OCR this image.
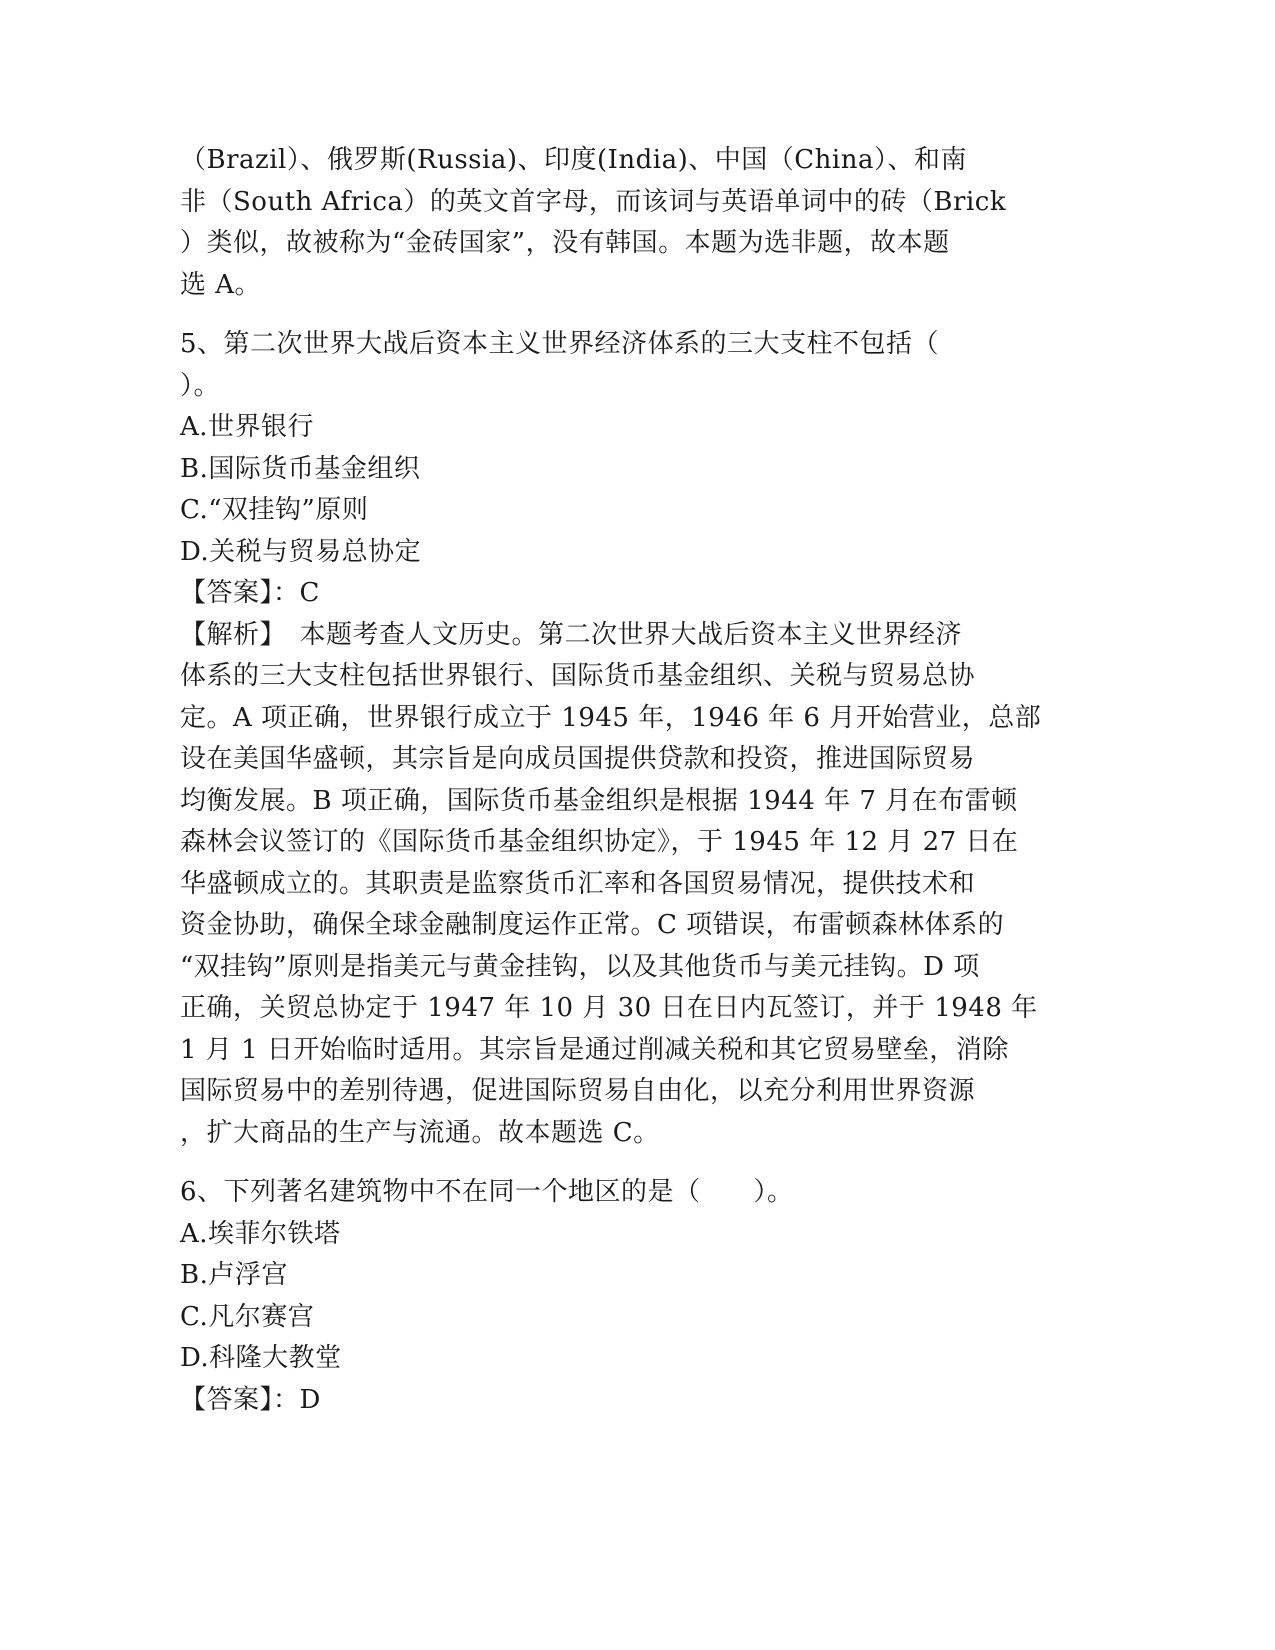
（Brazil）、俄罗斯(Russia)、印度(India)、中国（China）、和南
非（South Africa）的英文首字母，而该词与英语单词中的砖（Brick
）类似，故被称为“金砖国家”，没有韩国。本题为选非题，故本题
选 A。
5、第二次世界大战后资本主义世界经济体系的三大支柱不包括（
）。
A.世界银行
B.国际货币基金组织
C.“双挂钩”原则
D.关税与贸易总协定
【答案】：C
【解析】　本题考查人文历史。第二次世界大战后资本主义世界经济
体系的三大支柱包括世界银行、国际货币基金组织、关税与贸易总协
定。A 项正确，世界银行成立于 1945 年，1946 年 6 月开始营业，总部
设在美国华盛顿，其宗旨是向成员国提供贷款和投资，推进国际贸易
均衡发展。B 项正确，国际货币基金组织是根据 1944 年 7 月在布雷顿
森林会议签订的《国际货币基金组织协定》，于 1945 年 12 月 27 日在
华盛顿成立的。其职责是监察货币汇率和各国贸易情况，提供技术和
资金协助，确保全球金融制度运作正常。C 项错误，布雷顿森林体系的
“双挂钩”原则是指美元与黄金挂钩，以及其他货币与美元挂钩。D 项
正确，关贸总协定于 1947 年 10 月 30 日在日内瓦签订，并于 1948 年
1 月 1 日开始临时适用。其宗旨是通过削减关税和其它贸易壁垒，消除
国际贸易中的差别待遇，促进国际贸易自由化，以充分利用世界资源
，扩大商品的生产与流通。故本题选 C。
6、下列著名建筑物中不在同一个地区的是（　　）。
A.埃菲尔铁塔
B.卢浮宫
C.凡尔赛宫
D.科隆大教堂
【答案】：D
